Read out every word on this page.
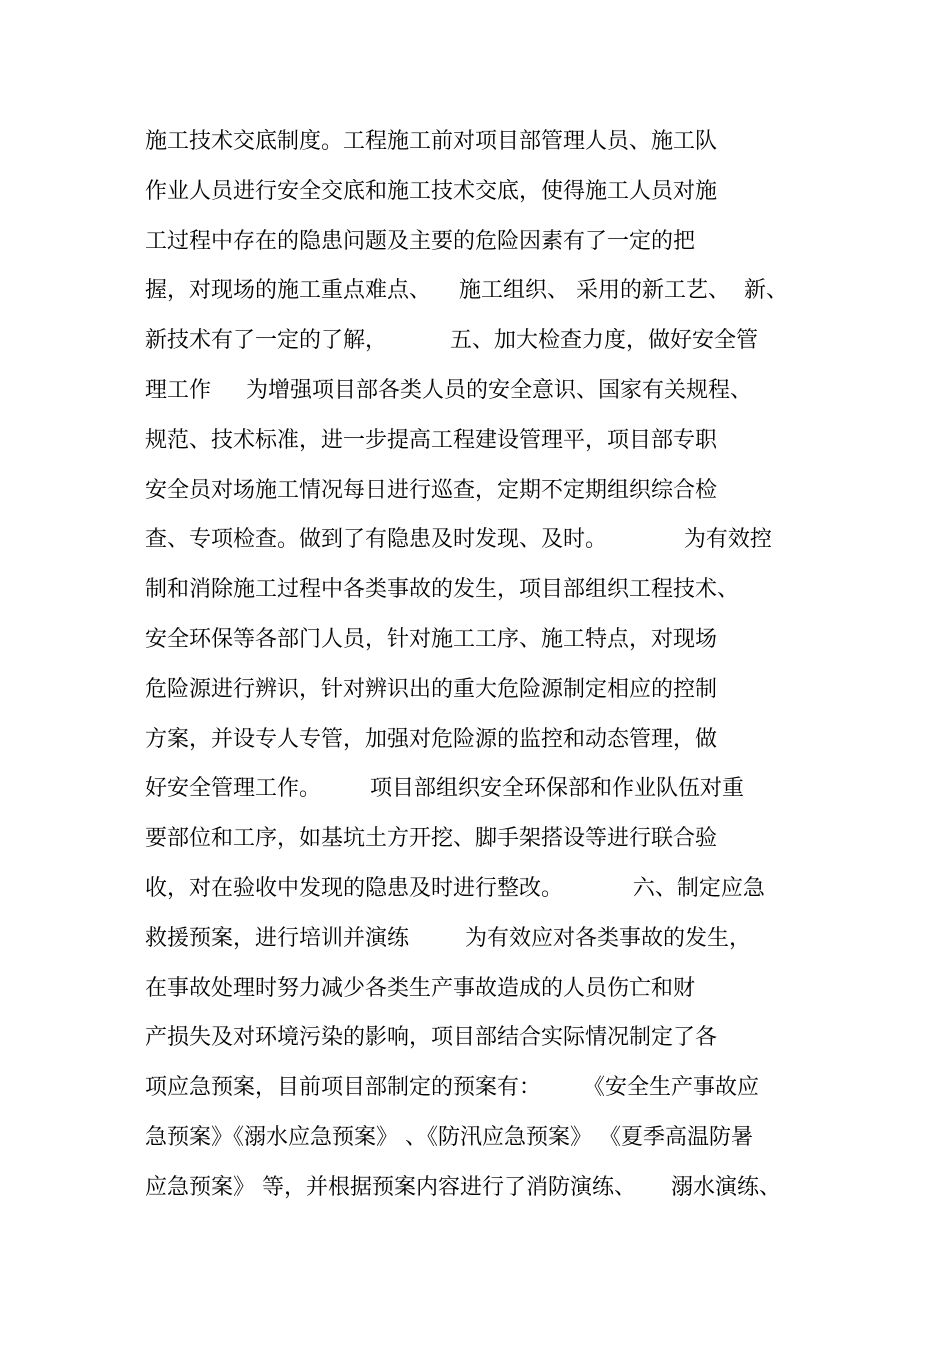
施工技术交底制度。工程施工前对项目部管理人员、施工队
作业人员进行安全交底和施工技术交底，使得施工人员对施
工过程中存在的隐患问题及主要的危险因素有了一定的把
握，对现场的施工重点难点、    施工组织、 采用的新工艺、  新、
新技术有了一定的了解，         五、加大检查力度，做好安全管
理工作     为增强项目部各类人员的安全意识、国家有关规程、
规范、技术标准，进一步提高工程建设管理平，项目部专职
安全员对场施工情况每日进行巡查，定期不定期组织综合检
查、专项检查。做到了有隐患及时发现、及时。           为有效控
制和消除施工过程中各类事故的发生，项目部组织工程技术、
安全环保等各部门人员，针对施工工序、施工特点，对现场
危险源进行辨识，针对辨识出的重大危险源制定相应的控制
方案，并设专人专管，加强对危险源的监控和动态管理，做
好安全管理工作。       项目部组织安全环保部和作业队伍对重
要部位和工序，如基坑土方开挖、脚手架搭设等进行联合验
收，对在验收中发现的隐患及时进行整改。          六、制定应急
救援预案，进行培训并演练        为有效应对各类事故的发生，
在事故处理时努力减少各类生产事故造成的人员伤亡和财
产损失及对环境污染的影响，项目部结合实际情况制定了各
项应急预案，目前项目部制定的预案有：      《安全生产事故应
急预案》《溺水应急预案》 、《防汛应急预案》 《夏季高温防暑
应急预案》 等，并根据预案内容进行了消防演练、     溺水演练、
